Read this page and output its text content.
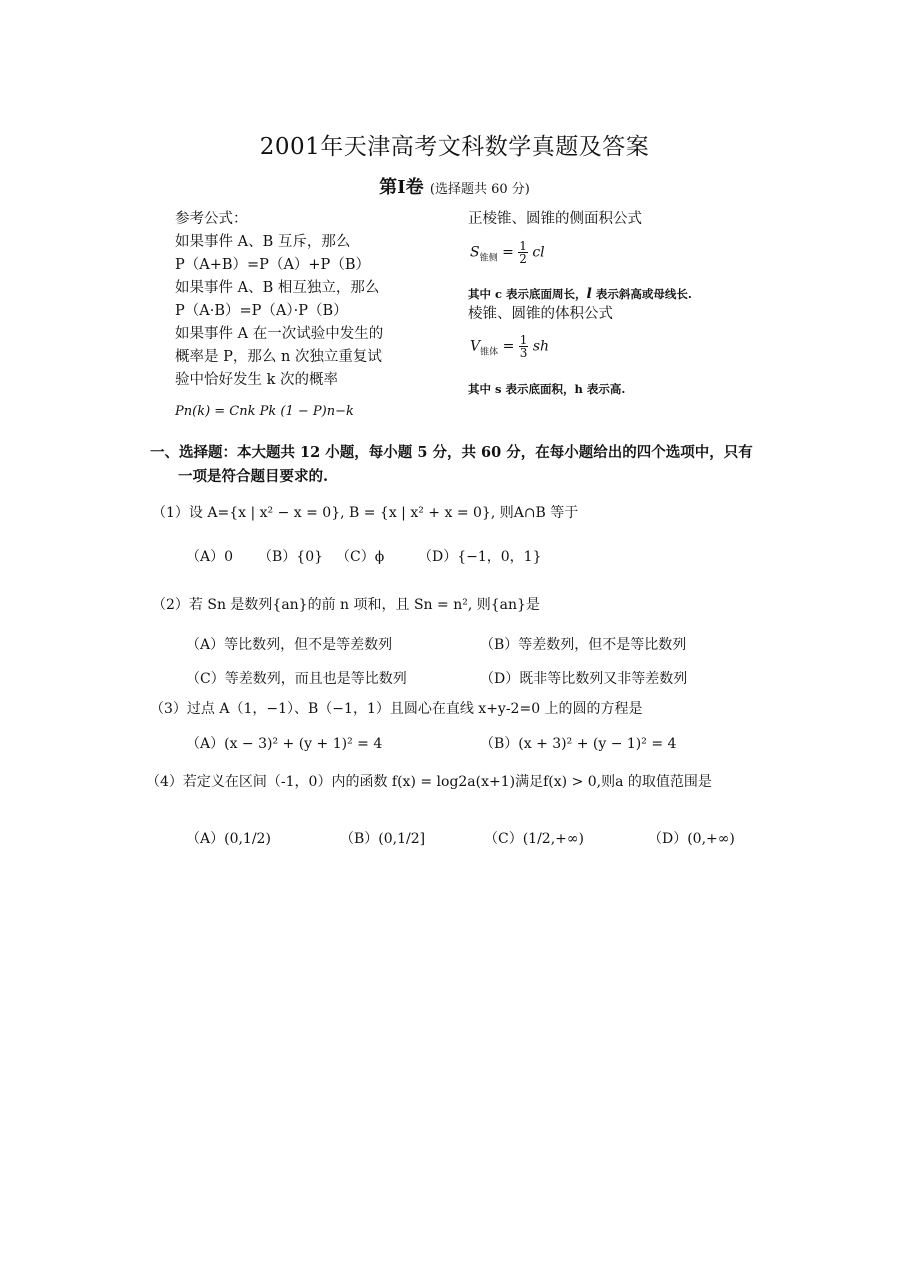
2001年天津高考文科数学真题及答案
第Ⅰ卷 (选择题共 60 分)
参考公式：
如果事件 A、B 互斥，那么
P（A+B）=P（A）+P（B）
如果事件 A、B 相互独立，那么
P（A·B）=P（A）·P（B）
如果事件 A 在一次试验中发生的
概率是 P，那么 n 次独立重复试
验中恰好发生 k 次的概率
Pn(k) = Cnk Pk (1 − P)n−k
正棱锥、圆锥的侧面积公式
$S_{锥侧} = \frac{1}{2}$ cl
其中 c 表示底面周长，l 表示斜高或母线长.
棱锥、圆锥的体积公式
$V_{锥体} = \frac{1}{3}$ sh
其中 s 表示底面积，h 表示高.
一、选择题：本大题共 12 小题，每小题 5 分，共 60 分，在每小题给出的四个选项中，只有
一项是符合题目要求的.
（1）设 A={x | x² − x = 0}, B = {x | x² + x = 0}, 则A∩B 等于
（A）0 （B）{0} （C）ϕ （D）{−1，0，1}
（2）若 Sn 是数列{an}的前 n 项和，且 Sn = n², 则{an}是
（A）等比数列，但不是等差数列	（B）等差数列，但不是等比数列
（C）等差数列，而且也是等比数列	（D）既非等比数列又非等差数列
（3）过点 A（1，−1）、B（−1，1）且圆心在直线 x+y-2=0 上的圆的方程是
（A）(x − 3)² + (y + 1)² = 4	（B）(x + 3)² + (y − 1)² = 4
（4）若定义在区间（-1，0）内的函数 f(x) = log2a(x+1)满足f(x) > 0,则a 的取值范围是
（A）(0,1/2)	（B）(0,1/2]	（C）(1/2,+∞)	（D）(0,+∞)
